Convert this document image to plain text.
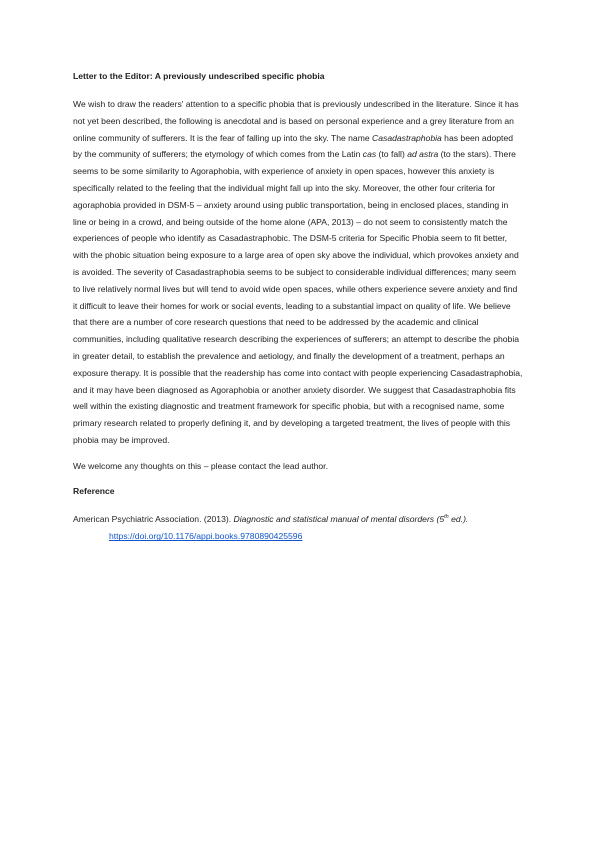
Letter to the Editor: A previously undescribed specific phobia

We wish to draw the readers' attention to a specific phobia that is previously undescribed in the literature. Since it has not yet been described, the following is anecdotal and is based on personal experience and a grey literature from an online community of sufferers. It is the fear of falling up into the sky. The name Casadastraphobia has been adopted by the community of sufferers; the etymology of which comes from the Latin cas (to fall) ad astra (to the stars). There seems to be some similarity to Agoraphobia, with experience of anxiety in open spaces, however this anxiety is specifically related to the feeling that the individual might fall up into the sky. Moreover, the other four criteria for agoraphobia provided in DSM-5 – anxiety around using public transportation, being in enclosed places, standing in line or being in a crowd, and being outside of the home alone (APA, 2013) – do not seem to consistently match the experiences of people who identify as Casadastraphobic. The DSM-5 criteria for Specific Phobia seem to fit better, with the phobic situation being exposure to a large area of open sky above the individual, which provokes anxiety and is avoided. The severity of Casadastraphobia seems to be subject to considerable individual differences; many seem to live relatively normal lives but will tend to avoid wide open spaces, while others experience severe anxiety and find it difficult to leave their homes for work or social events, leading to a substantial impact on quality of life. We believe that there are a number of core research questions that need to be addressed by the academic and clinical communities, including qualitative research describing the experiences of sufferers; an attempt to describe the phobia in greater detail, to establish the prevalence and aetiology, and finally the development of a treatment, perhaps an exposure therapy. It is possible that the readership has come into contact with people experiencing Casadastraphobia, and it may have been diagnosed as Agoraphobia or another anxiety disorder. We suggest that Casadastraphobia fits well within the existing diagnostic and treatment framework for specific phobia, but with a recognised name, some primary research related to properly defining it, and by developing a targeted treatment, the lives of people with this phobia may be improved.

We welcome any thoughts on this – please contact the lead author.

Reference

American Psychiatric Association. (2013). Diagnostic and statistical manual of mental disorders (5th ed.). https://doi.org/10.1176/appi.books.9780890425596
